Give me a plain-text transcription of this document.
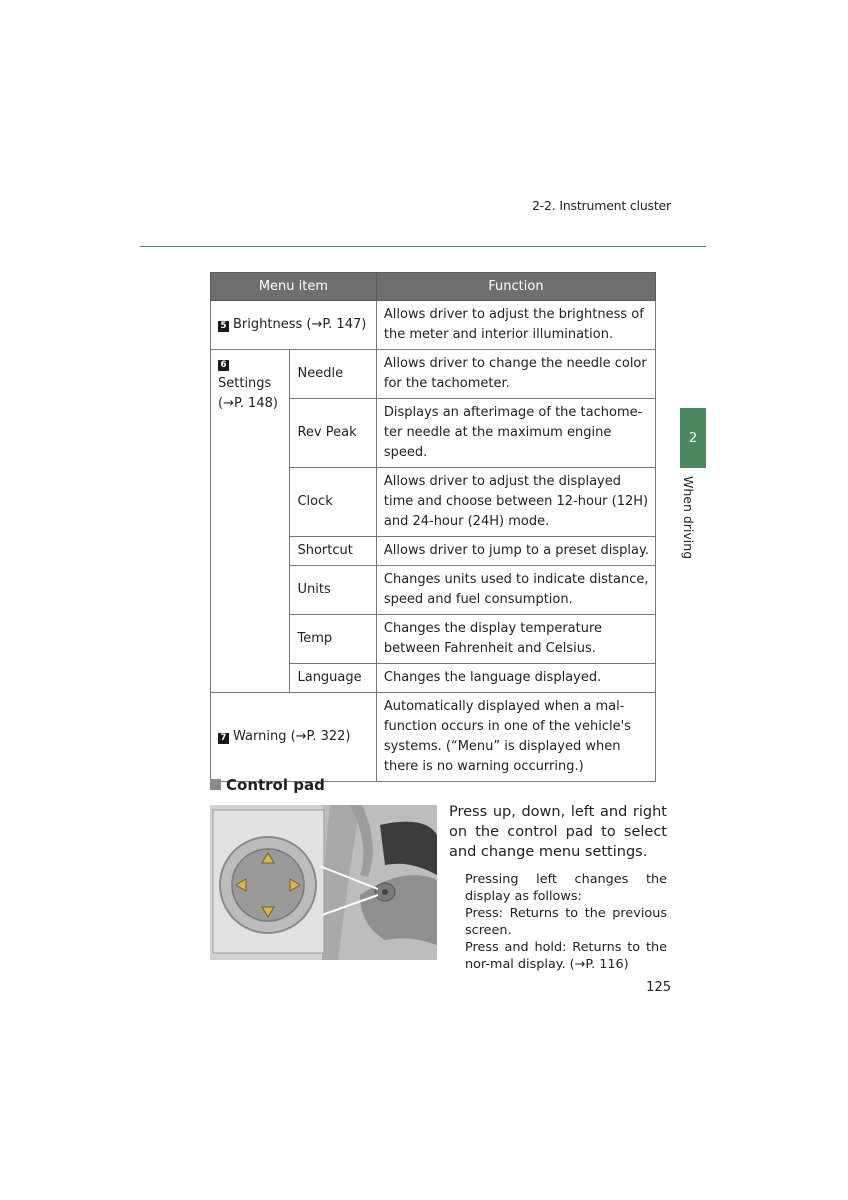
2-2. Instrument cluster
2
When driving
Menu item		Function
5 Brightness (→P. 147)		Allows driver to adjust the brightness of the meter and interior illumination.
6Settings (→P. 148)	Needle	Allows driver to change the needle color for the tachometer.
	Rev Peak	Displays an afterimage of the tachome-ter needle at the maximum engine speed.
	Clock	Allows driver to adjust the displayed time and choose between 12-hour (12H) and 24-hour (24H) mode.
	Shortcut	Allows driver to jump to a preset display.
	Units	Changes units used to indicate distance, speed and fuel consumption.
	Temp	Changes the display temperature between Fahrenheit and Celsius.
	Language	Changes the language displayed.
7 Warning (→P. 322)		Automatically displayed when a mal-function occurs in one of the vehicle's systems. (“Menu” is displayed when there is no warning occurring.)
Control pad
Press up, down, left and right on the control pad to select and change menu settings.
Pressing left changes the display as follows:
Press: Returns to the previous screen.
Press and hold: Returns to the nor-mal display. (→P. 116)
125
